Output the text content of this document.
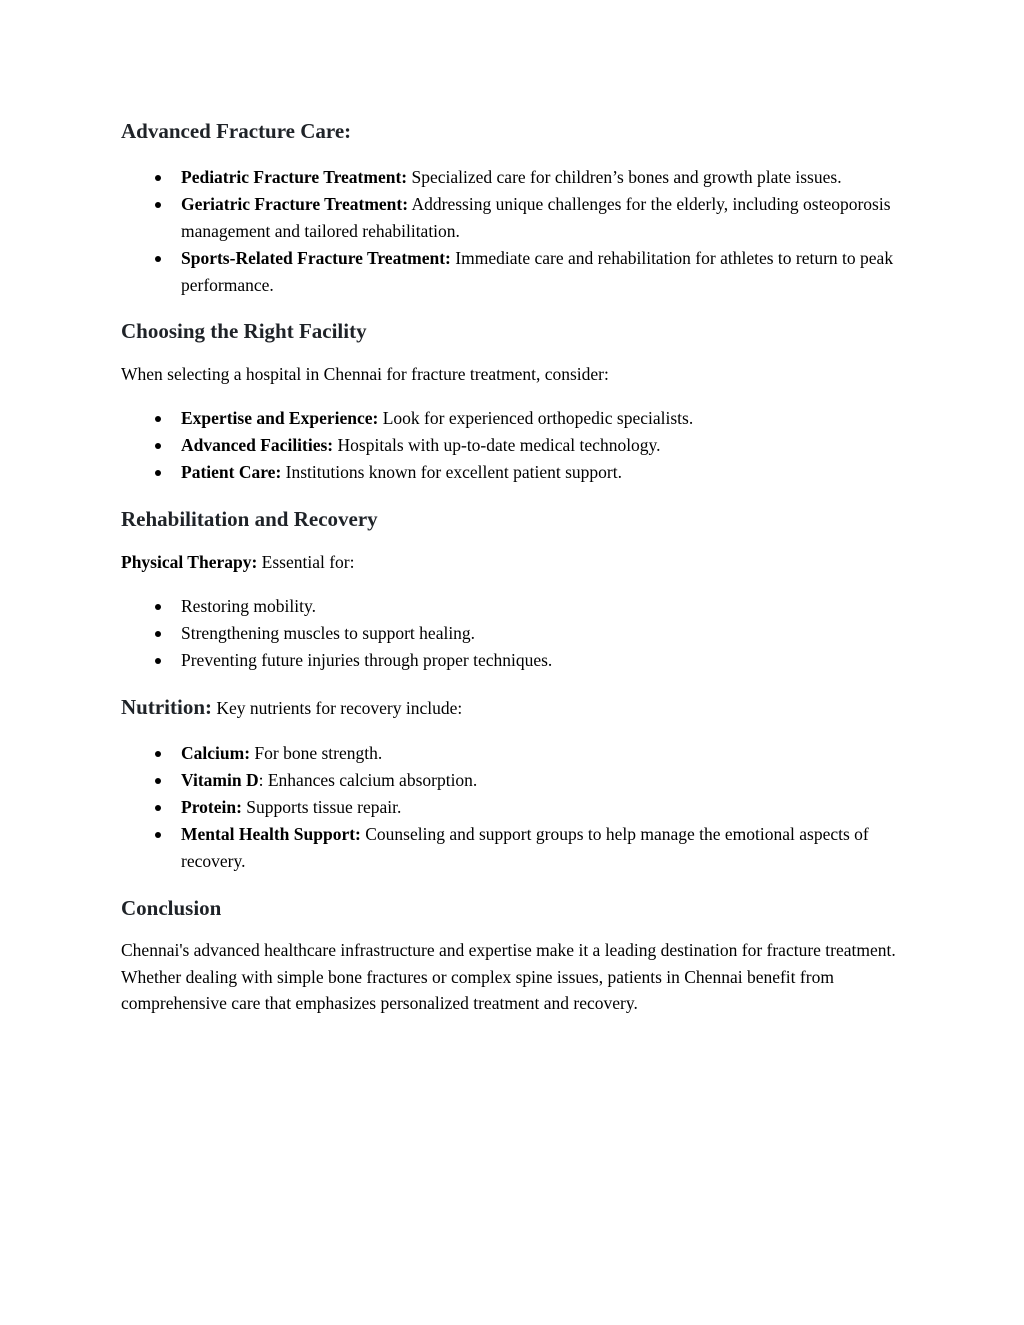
Advanced Fracture Care:
Pediatric Fracture Treatment: Specialized care for children’s bones and growth plate issues.
Geriatric Fracture Treatment: Addressing unique challenges for the elderly, including osteoporosis management and tailored rehabilitation.
Sports-Related Fracture Treatment: Immediate care and rehabilitation for athletes to return to peak performance.
Choosing the Right Facility

When selecting a hospital in Chennai for fracture treatment, consider:

Expertise and Experience: Look for experienced orthopedic specialists.
Advanced Facilities: Hospitals with up-to-date medical technology.
Patient Care: Institutions known for excellent patient support.
Rehabilitation and Recovery

Physical Therapy: Essential for:

Restoring mobility.
Strengthening muscles to support healing.
Preventing future injuries through proper techniques.

Nutrition: Key nutrients for recovery include:

Calcium: For bone strength.
Vitamin D: Enhances calcium absorption.
Protein: Supports tissue repair.
Mental Health Support: Counseling and support groups to help manage the emotional aspects of recovery.
Conclusion

Chennai's advanced healthcare infrastructure and expertise make it a leading destination for fracture treatment. Whether dealing with simple bone fractures or complex spine issues, patients in Chennai benefit from comprehensive care that emphasizes personalized treatment and recovery.
